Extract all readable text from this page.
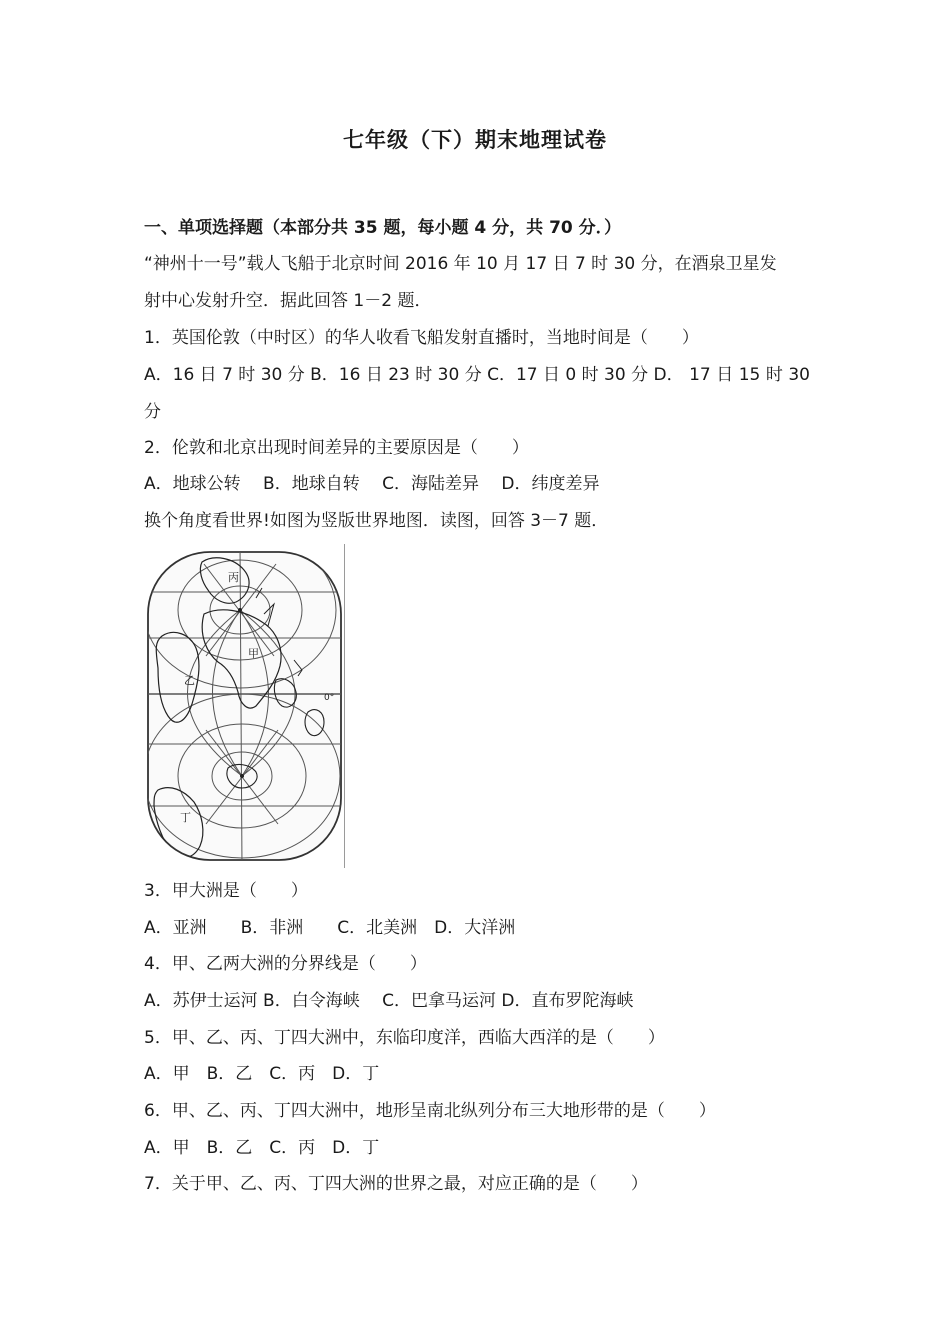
七年级（下）期末地理试卷
一、单项选择题（本部分共 35 题，每小题 4 分，共 70 分．）
“神州十一号”载人飞船于北京时间 2016 年 10 月 17 日 7 时 30 分，在酒泉卫星发
射中心发射升空．据此回答 1－2 题．
1．英国伦敦（中时区）的华人收看飞船发射直播时，当地时间是（　　）
A．16 日 7 时 30 分 B．16 日 23 时 30 分 C．17 日 0 时 30 分 D． 17 日 15 时 30
分
2．伦敦和北京出现时间差异的主要原因是（　　）
A．地球公转　 B．地球自转　 C．海陆差异　 D．纬度差异
换个角度看世界!如图为竖版世界地图．读图，回答 3－7 题．
丙
甲
乙
丁
0°
3．甲大洲是（　　）
A．亚洲　　B．非洲　　C．北美洲　D．大洋洲
4．甲、乙两大洲的分界线是（　　）
A．苏伊士运河 B．白令海峡　 C．巴拿马运河 D．直布罗陀海峡
5．甲、乙、丙、丁四大洲中，东临印度洋，西临大西洋的是（　　）
A．甲　B．乙　C．丙　D．丁
6．甲、乙、丙、丁四大洲中，地形呈南北纵列分布三大地形带的是（　　）
A．甲　B．乙　C．丙　D．丁
7．关于甲、乙、丙、丁四大洲的世界之最，对应正确的是（　　）
